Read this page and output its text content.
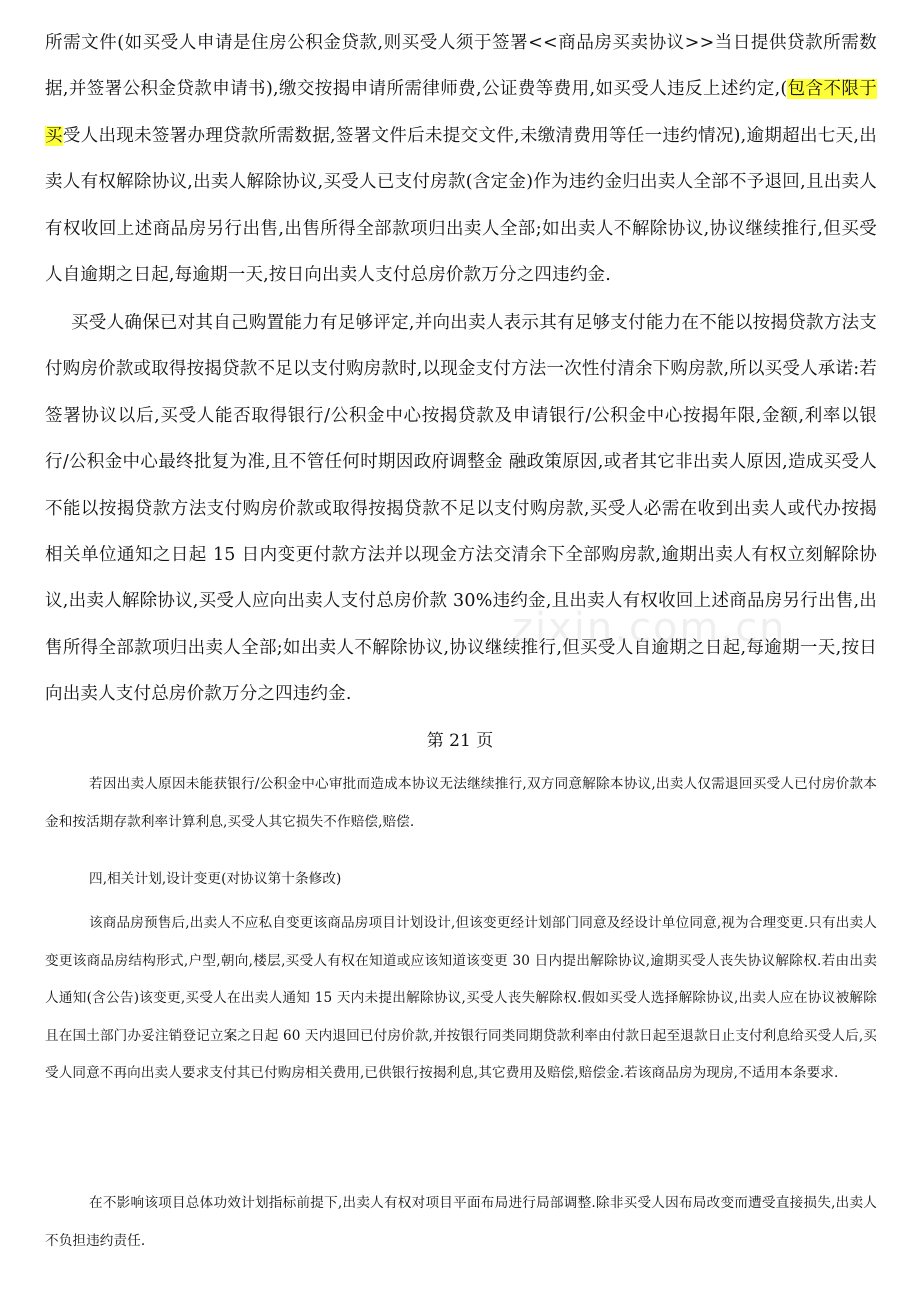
所需文件(如买受人申请是住房公积金贷款,则买受人须于签署<<商品房买卖协议>>当日提供贷款所需数据,并签署公积金贷款申请书),缴交按揭申请所需律师费,公证费等费用,如买受人违反上述约定,(包含不限于买受人出现未签署办理贷款所需数据,签署文件后未提交文件,未缴清费用等任一违约情况),逾期超出七天,出卖人有权解除协议,出卖人解除协议,买受人已支付房款(含定金)作为违约金归出卖人全部不予退回,且出卖人有权收回上述商品房另行出售,出售所得全部款项归出卖人全部;如出卖人不解除协议,协议继续推行,但买受人自逾期之日起,每逾期一天,按日向出卖人支付总房价款万分之四违约金.

买受人确保已对其自己购置能力有足够评定,并向出卖人表示其有足够支付能力在不能以按揭贷款方法支付购房价款或取得按揭贷款不足以支付购房款时,以现金支付方法一次性付清余下购房款,所以买受人承诺:若签署协议以后,买受人能否取得银行/公积金中心按揭贷款及申请银行/公积金中心按揭年限,金额,利率以银行/公积金中心最终批复为准,且不管任何时期因政府调整金 融政策原因,或者其它非出卖人原因,造成买受人不能以按揭贷款方法支付购房价款或取得按揭贷款不足以支付购房款,买受人必需在收到出卖人或代办按揭相关单位通知之日起 15 日内变更付款方法并以现金方法交清余下全部购房款,逾期出卖人有权立刻解除协议,出卖人解除协议,买受人应向出卖人支付总房价款 30%违约金,且出卖人有权收回上述商品房另行出售,出售所得全部款项归出卖人全部;如出卖人不解除协议,协议继续推行,但买受人自逾期之日起,每逾期一天,按日向出卖人支付总房价款万分之四违约金.

第 21 页

若因出卖人原因未能获银行/公积金中心审批而造成本协议无法继续推行,双方同意解除本协议,出卖人仅需退回买受人已付房价款本金和按活期存款利率计算利息,买受人其它损失不作赔偿,赔偿.

四,相关计划,设计变更(对协议第十条修改)

该商品房预售后,出卖人不应私自变更该商品房项目计划设计,但该变更经计划部门同意及经设计单位同意,视为合理变更.只有出卖人变更该商品房结构形式,户型,朝向,楼层,买受人有权在知道或应该知道该变更 30 日内提出解除协议,逾期买受人丧失协议解除权.若由出卖人通知(含公告)该变更,买受人在出卖人通知 15 天内未提出解除协议,买受人丧失解除权.假如买受人选择解除协议,出卖人应在协议被解除且在国土部门办妥注销登记立案之日起 60 天内退回已付房价款,并按银行同类同期贷款利率由付款日起至退款日止支付利息给买受人后,买受人同意不再向出卖人要求支付其已付购房相关费用,已供银行按揭利息,其它费用及赔偿,赔偿金.若该商品房为现房,不适用本条要求.

在不影响该项目总体功效计划指标前提下,出卖人有权对项目平面布局进行局部调整.除非买受人因布局改变而遭受直接损失,出卖人不负担违约责任.

zixin.com.cn
